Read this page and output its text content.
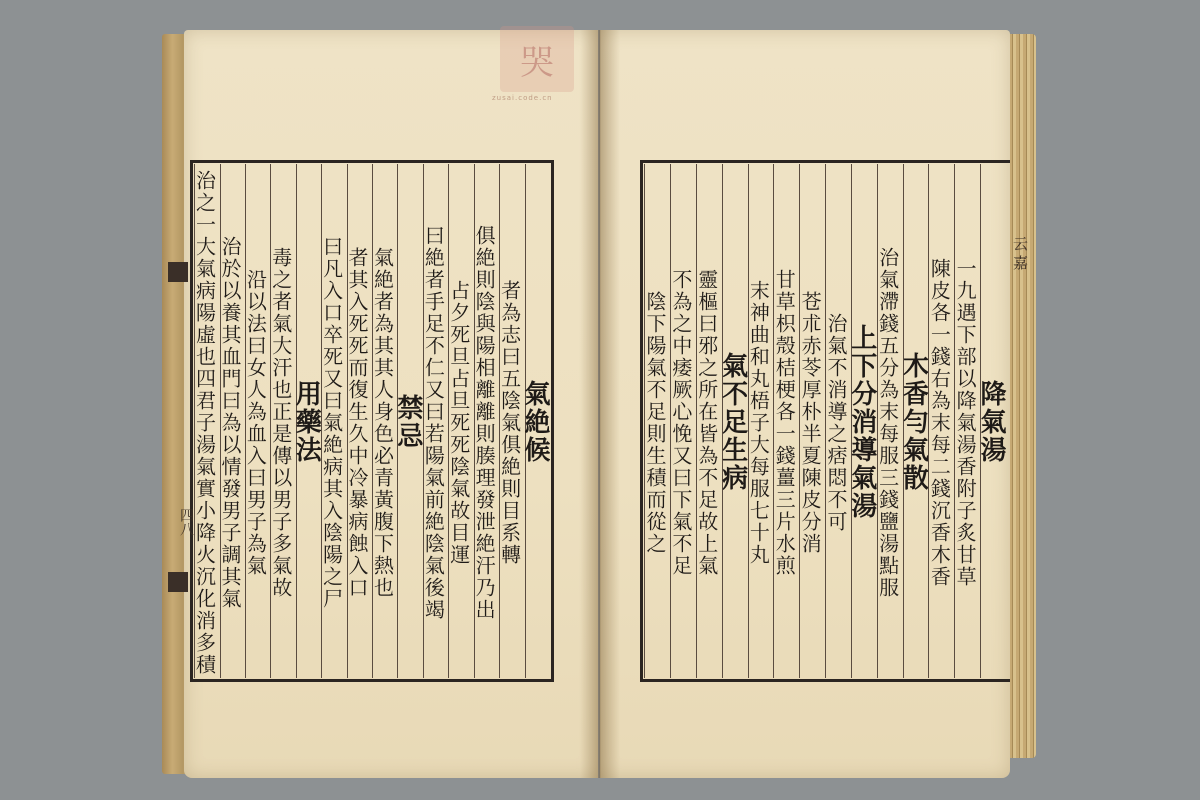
哭
zusai.code.cn
氣絶候
者為志曰五陰氣俱絶則目系轉
俱絶則陰與陽相離離則腠理發泄絶汗乃出
占夕死旦占旦死死陰氣故目運
曰絶者手足不仁又曰若陽氣前絶陰氣後竭
禁忌
氣絶者為其其人身色必青黃腹下熱也
者其入死死而復生久中冷暴病蝕入口
曰凡入口卒死又曰氣絶病其入陰陽之尸
用藥法
毒之者氣大汗也正是傳以男子多氣故
沿以法曰女人為血入曰男子為氣
治於以養其血門曰為以情發男子調其氣
治之一大氣病陽虛也四君子湯氣實小降火沉化消多積	降氣湯
一九遇下部以降氣湯香附子炙甘草
陳皮各一錢右為末每二錢沉香木香
木香勻氣散
治氣滯錢五分為末每服三錢鹽湯點服
上下分消導氣湯
治氣不消導之痞悶不可
苍朮赤苓厚朴半夏陳皮分消
甘草枳殼桔梗各一錢薑三片水煎
末神曲和丸梧子大每服七十丸
氣不足生病
靈樞曰邪之所在皆為不足故上氣
不為之中痿厥心悗又曰下氣不足
陰下陽氣不足則生積而從之
四八
云嘉
